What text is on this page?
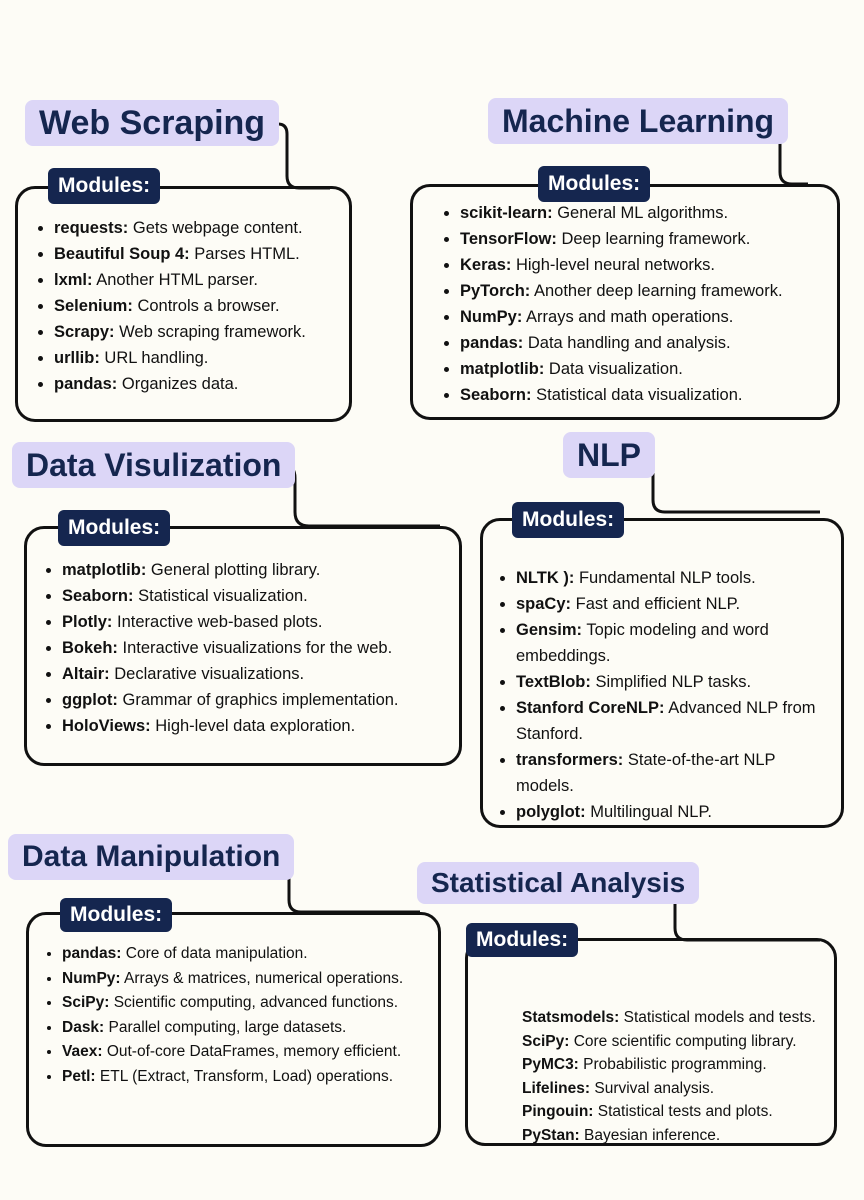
Web Scraping
Modules:
• requests: Gets webpage content.
• Beautiful Soup 4: Parses HTML.
• lxml: Another HTML parser.
• Selenium: Controls a browser.
• Scrapy: Web scraping framework.
• urllib: URL handling.
• pandas: Organizes data.
Machine Learning
Modules:
• scikit-learn: General ML algorithms.
• TensorFlow: Deep learning framework.
• Keras: High-level neural networks.
• PyTorch: Another deep learning framework.
• NumPy: Arrays and math operations.
• pandas: Data handling and analysis.
• matplotlib: Data visualization.
• Seaborn: Statistical data visualization.
Data Visulization
Modules:
• matplotlib: General plotting library.
• Seaborn: Statistical visualization.
• Plotly: Interactive web-based plots.
• Bokeh: Interactive visualizations for the web.
• Altair: Declarative visualizations.
• ggplot: Grammar of graphics implementation.
• HoloViews: High-level data exploration.
NLP
Modules:
• NLTK ): Fundamental NLP tools.
• spaCy: Fast and efficient NLP.
• Gensim: Topic modeling and word embeddings.
• TextBlob: Simplified NLP tasks.
• Stanford CoreNLP: Advanced NLP from Stanford.
• transformers: State-of-the-art NLP models.
• polyglot: Multilingual NLP.
Data Manipulation
Modules:
• pandas: Core of data manipulation.
• NumPy: Arrays & matrices, numerical operations.
• SciPy: Scientific computing, advanced functions.
• Dask: Parallel computing, large datasets.
• Vaex: Out-of-core DataFrames, memory efficient.
• Petl: ETL (Extract, Transform, Load) operations.
Statistical Analysis
Modules:
Statsmodels: Statistical models and tests.
SciPy: Core scientific computing library.
PyMC3: Probabilistic programming.
Lifelines: Survival analysis.
Pingouin: Statistical tests and plots.
PyStan: Bayesian inference.
